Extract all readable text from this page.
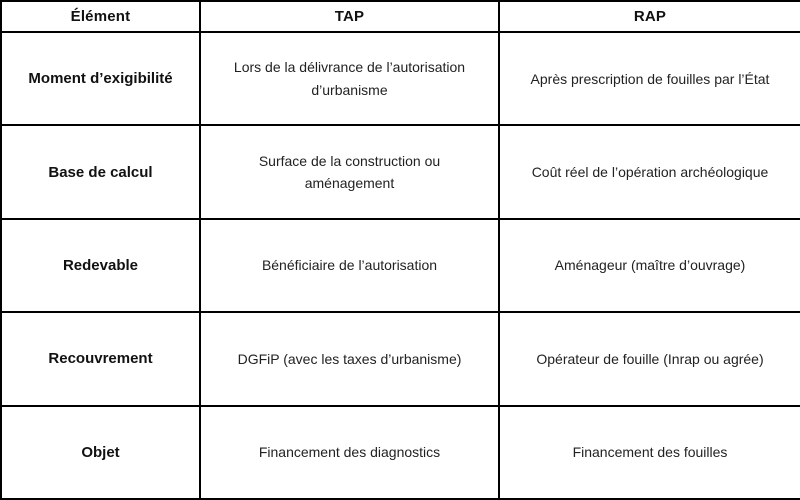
Élément	TAP	RAP
Moment d’exigibilité	Lors de la délivrance de l’autorisation d’urbanisme	Après prescription de fouilles par l’État
Base de calcul	Surface de la construction ou aménagement	Coût réel de l’opération archéologique
Redevable	Bénéficiaire de l’autorisation	Aménageur (maître d’ouvrage)
Recouvrement	DGFiP (avec les taxes d’urbanisme)	Opérateur de fouille (Inrap ou agrée)
Objet	Financement des diagnostics	Financement des fouilles
